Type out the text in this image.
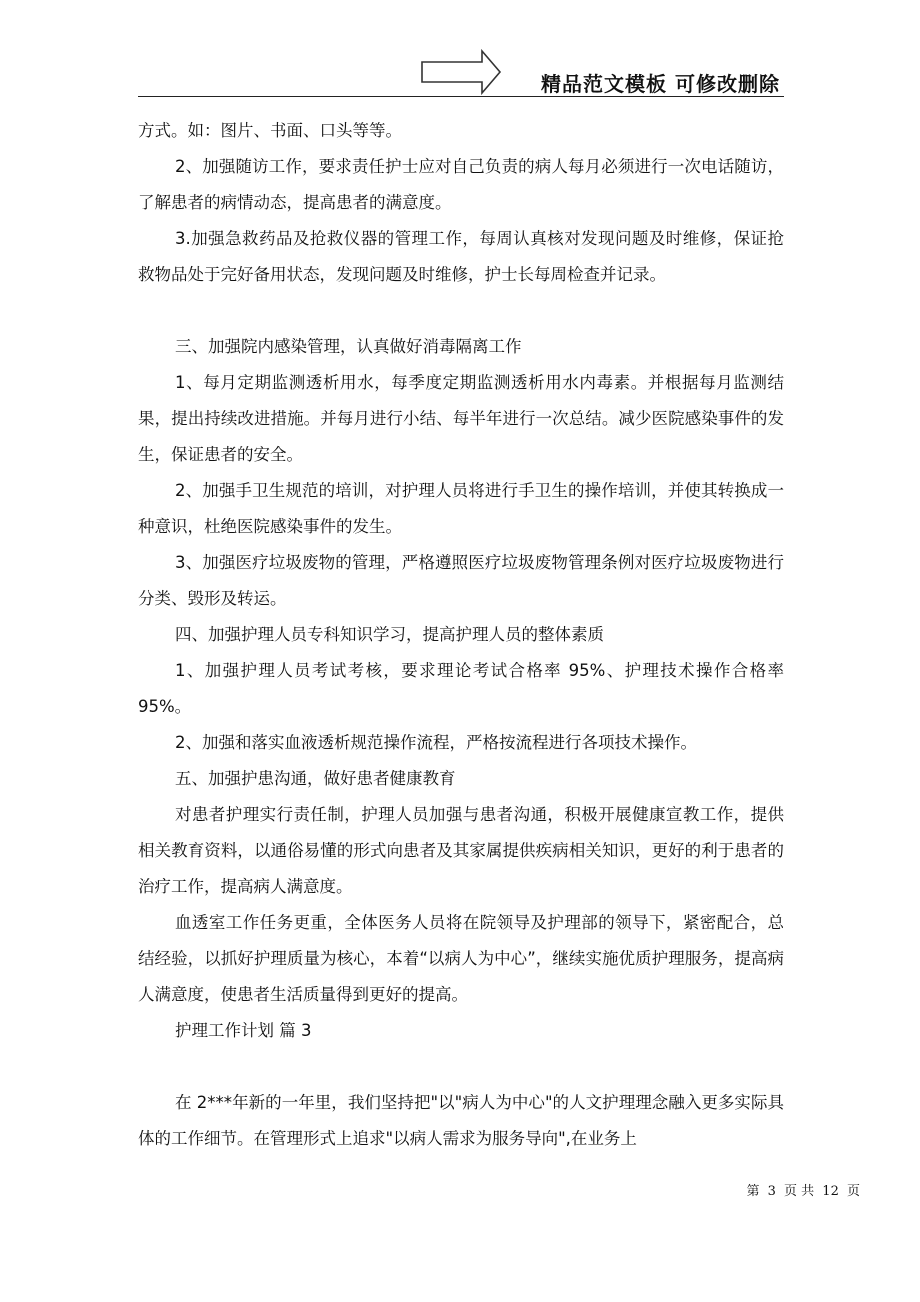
精品范文模板 可修改删除

方式。如：图片、书面、口头等等。

2、加强随访工作，要求责任护士应对自己负责的病人每月必须进行一次电话随访，了解患者的病情动态，提高患者的满意度。

3.加强急救药品及抢救仪器的管理工作，每周认真核对发现问题及时维修，保证抢救物品处于完好备用状态，发现问题及时维修，护士长每周检查并记录。

三、加强院内感染管理，认真做好消毒隔离工作

1、每月定期监测透析用水，每季度定期监测透析用水内毒素。并根据每月监测结果，提出持续改进措施。并每月进行小结、每半年进行一次总结。减少医院感染事件的发生，保证患者的安全。

2、加强手卫生规范的培训，对护理人员将进行手卫生的操作培训，并使其转换成一种意识，杜绝医院感染事件的发生。

3、加强医疗垃圾废物的管理，严格遵照医疗垃圾废物管理条例对医疗垃圾废物进行分类、毁形及转运。

四、加强护理人员专科知识学习，提高护理人员的整体素质

1、加强护理人员考试考核，要求理论考试合格率 95%、护理技术操作合格率 95%。

2、加强和落实血液透析规范操作流程，严格按流程进行各项技术操作。

五、加强护患沟通，做好患者健康教育

对患者护理实行责任制，护理人员加强与患者沟通，积极开展健康宣教工作，提供相关教育资料，以通俗易懂的形式向患者及其家属提供疾病相关知识，更好的利于患者的治疗工作，提高病人满意度。

血透室工作任务更重，全体医务人员将在院领导及护理部的领导下，紧密配合，总结经验，以抓好护理质量为核心，本着“以病人为中心”，继续实施优质护理服务，提高病人满意度，使患者生活质量得到更好的提高。

护理工作计划 篇 3

在 2***年新的一年里，我们坚持把"以"病人为中心"的人文护理理念融入更多实际具体的工作细节。在管理形式上追求"以病人需求为服务导向",在业务上

第 3 页 共 12 页
